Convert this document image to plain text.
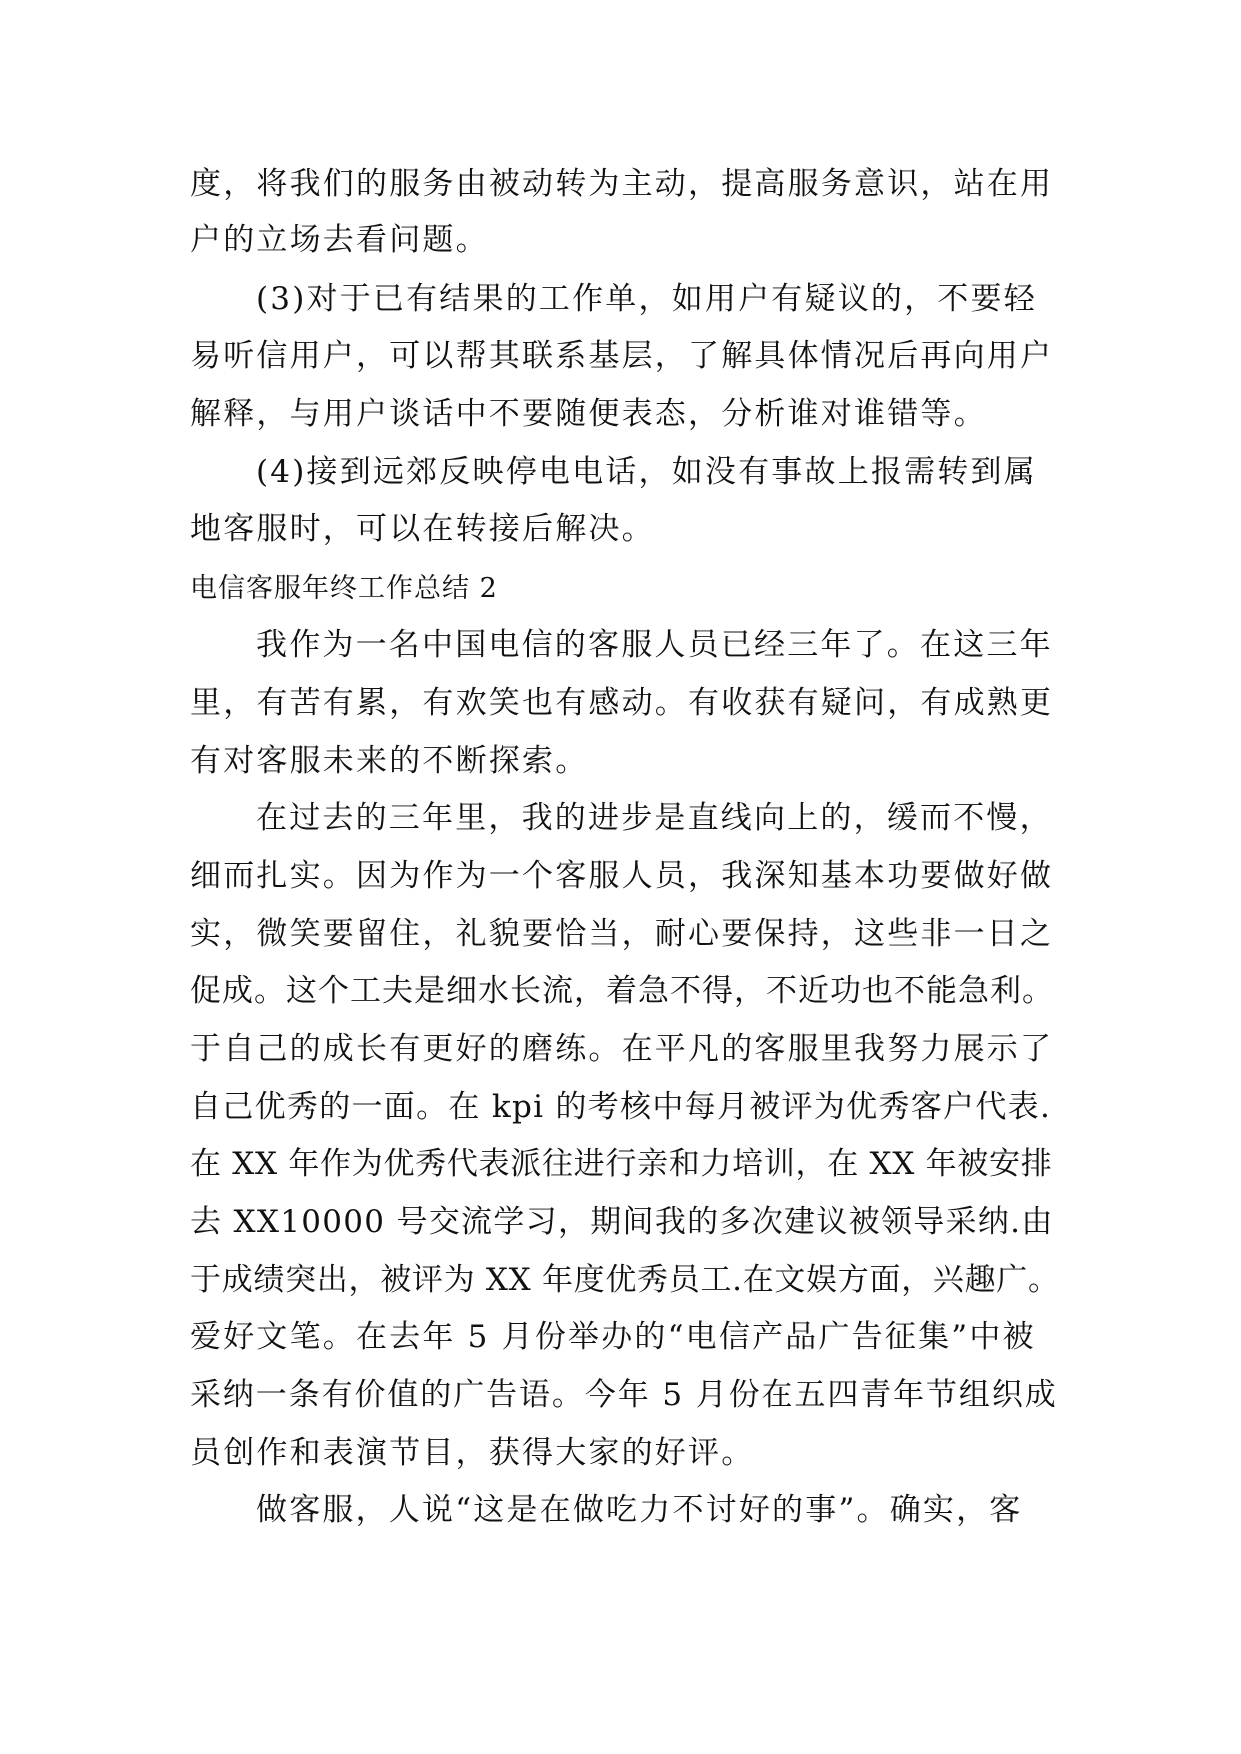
度，将我们的服务由被动转为主动，提高服务意识，站在用
户的立场去看问题。
(3)对于已有结果的工作单，如用户有疑议的，不要轻
易听信用户，可以帮其联系基层，了解具体情况后再向用户
解释，与用户谈话中不要随便表态，分析谁对谁错等。
(4)接到远郊反映停电电话，如没有事故上报需转到属
地客服时，可以在转接后解决。
电信客服年终工作总结 2
我作为一名中国电信的客服人员已经三年了。在这三年
里，有苦有累，有欢笑也有感动。有收获有疑问，有成熟更
有对客服未来的不断探索。
在过去的三年里，我的进步是直线向上的，缓而不慢，
细而扎实。因为作为一个客服人员，我深知基本功要做好做
实，微笑要留住，礼貌要恰当，耐心要保持，这些非一日之
促成。这个工夫是细水长流，着急不得，不近功也不能急利。
于自己的成长有更好的磨练。在平凡的客服里我努力展示了
自己优秀的一面。在 kpi 的考核中每月被评为优秀客户代表.
在 XX 年作为优秀代表派往进行亲和力培训，在 XX 年被安排
去 XX10000 号交流学习，期间我的多次建议被领导采纳.由
于成绩突出，被评为 XX 年度优秀员工.在文娱方面，兴趣广。
爱好文笔。在去年 5 月份举办的“电信产品广告征集”中被
采纳一条有价值的广告语。今年 5 月份在五四青年节组织成
员创作和表演节目，获得大家的好评。
做客服，人说“这是在做吃力不讨好的事”。确实，客
